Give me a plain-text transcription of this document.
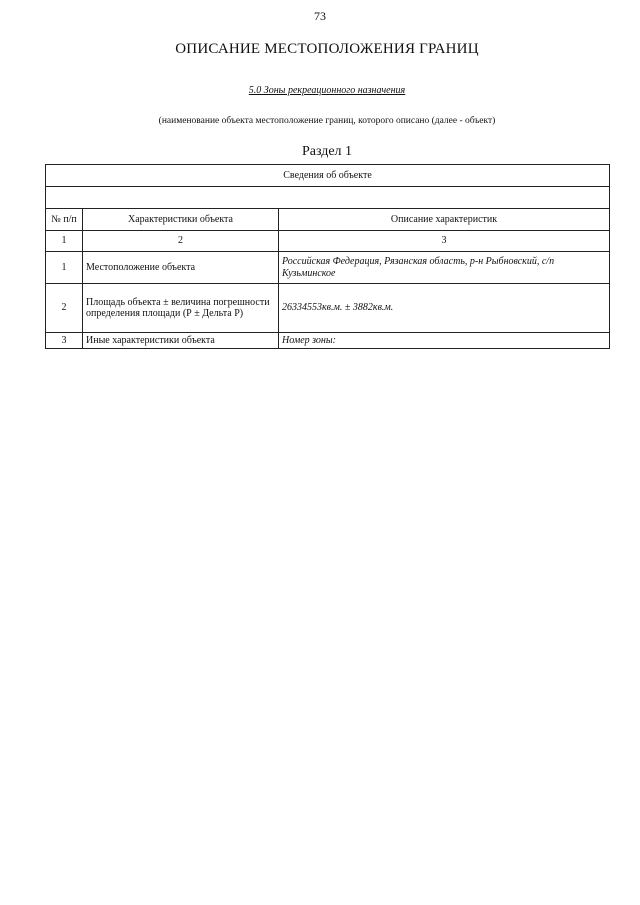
73
ОПИСАНИЕ МЕСТОПОЛОЖЕНИЯ ГРАНИЦ
5.0 Зоны рекреационного назначения
(наименование объекта местоположение границ, которого описано (далее - объект)
Раздел 1
Сведения об объекте		

№ п/п	Характеристики объекта	Описание характеристик
1	2	3
1	Местоположение объекта	Российская Федерация, Рязанская область, р-н Рыбновский, с/п Кузьминское
2	Площадь объекта ± величина погрешности определения площади (Р ± Дельта Р)	26334553кв.м. ± 3882кв.м.
3	Иные характеристики объекта	Номер зоны:
